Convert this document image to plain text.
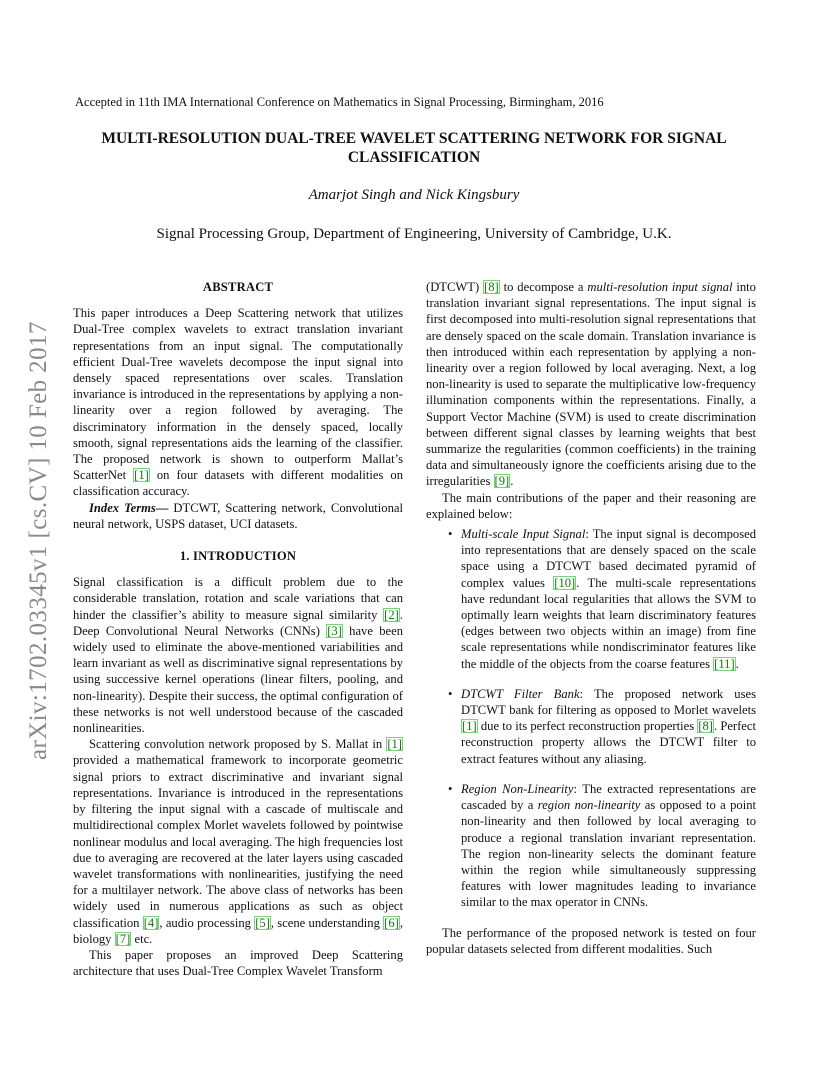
Accepted in 11th IMA International Conference on Mathematics in Signal Processing, Birmingham, 2016
MULTI-RESOLUTION DUAL-TREE WAVELET SCATTERING NETWORK FOR SIGNAL CLASSIFICATION
Amarjot Singh and Nick Kingsbury
Signal Processing Group, Department of Engineering, University of Cambridge, U.K.
arXiv:1702.03345v1 [cs.CV] 10 Feb 2017
ABSTRACT

This paper introduces a Deep Scattering network that utilizes Dual-Tree complex wavelets to extract translation invariant representations from an input signal. The computationally efficient Dual-Tree wavelets decompose the input signal into densely spaced representations over scales. Translation invariance is introduced in the representations by applying a non-linearity over a region followed by averaging. The discriminatory information in the densely spaced, locally smooth, signal representations aids the learning of the classifier. The proposed network is shown to outperform Mallat’s ScatterNet [1] on four datasets with different modalities on classification accuracy.

Index Terms— DTCWT, Scattering network, Convolutional neural network, USPS dataset, UCI datasets.

1. INTRODUCTION

Signal classification is a difficult problem due to the considerable translation, rotation and scale variations that can hinder the classifier’s ability to measure signal similarity [2]. Deep Convolutional Neural Networks (CNNs) [3] have been widely used to eliminate the above-mentioned variabilities and learn invariant as well as discriminative signal representations by using successive kernel operations (linear filters, pooling, and non-linearity). Despite their success, the optimal configuration of these networks is not well understood because of the cascaded nonlinearities.

Scattering convolution network proposed by S. Mallat in [1] provided a mathematical framework to incorporate geometric signal priors to extract discriminative and invariant signal representations. Invariance is introduced in the representations by filtering the input signal with a cascade of multiscale and multidirectional complex Morlet wavelets followed by pointwise nonlinear modulus and local averaging. The high frequencies lost due to averaging are recovered at the later layers using cascaded wavelet transformations with nonlinearities, justifying the need for a multilayer network. The above class of networks has been widely used in numerous applications as such as object classification [4], audio processing [5], scene understanding [6], biology [7] etc.

This paper proposes an improved Deep Scattering architecture that uses Dual-Tree Complex Wavelet Transform

(DTCWT) [8] to decompose a multi-resolution input signal into translation invariant signal representations. The input signal is first decomposed into multi-resolution signal representations that are densely spaced on the scale domain. Translation invariance is then introduced within each representation by applying a non-linearity over a region followed by local averaging. Next, a log non-linearity is used to separate the multiplicative low-frequency illumination components within the representations. Finally, a Support Vector Machine (SVM) is used to create discrimination between different signal classes by learning weights that best summarize the regularities (common coefficients) in the training data and simultaneously ignore the coefficients arising due to the irregularities [9].

The main contributions of the paper and their reasoning are explained below:

• Multi-scale Input Signal: The input signal is decomposed into representations that are densely spaced on the scale space using a DTCWT based decimated pyramid of complex values [10]. The multi-scale representations have redundant local regularities that allows the SVM to optimally learn weights that learn discriminatory features (edges between two objects within an image) from fine scale representations while nondiscriminator features like the middle of the objects from the coarse features [11].
• DTCWT Filter Bank: The proposed network uses DTCWT bank for filtering as opposed to Morlet wavelets [1] due to its perfect reconstruction properties [8]. Perfect reconstruction property allows the DTCWT filter to extract features without any aliasing.
• Region Non-Linearity: The extracted representations are cascaded by a region non-linearity as opposed to a point non-linearity and then followed by local averaging to produce a regional translation invariant representation. The region non-linearity selects the dominant feature within the region while simultaneously suppressing features with lower magnitudes leading to invariance similar to the max operator in CNNs.

The performance of the proposed network is tested on four popular datasets selected from different modalities. Such
